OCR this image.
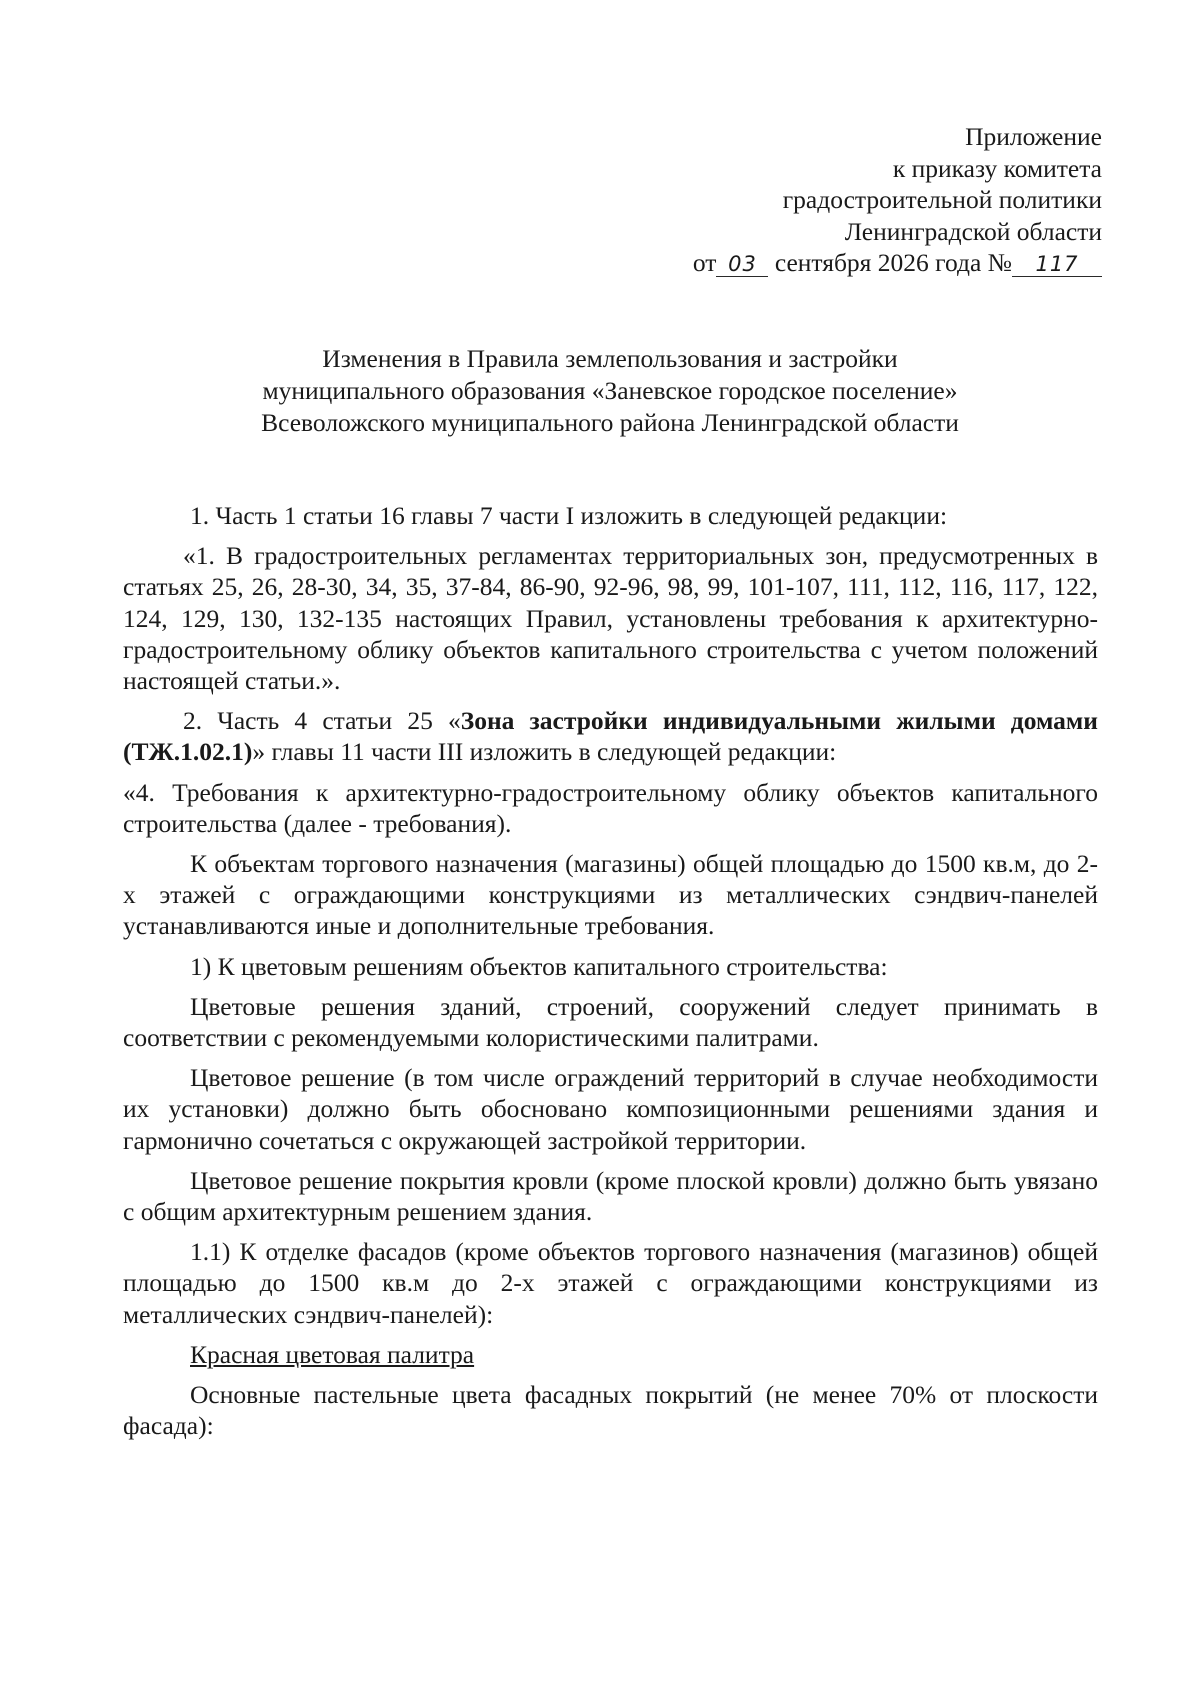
Приложение
к приказу комитета
градостроительной политики
Ленинградской области
от 03 сентября 2026 года № 117
Изменения в Правила землепользования и застройки
муниципального образования «Заневское городское поселение»
Всеволожского муниципального района Ленинградской области

1. Часть 1 статьи 16 главы 7 части I изложить в следующей редакции:

«1. В градостроительных регламентах территориальных зон, предусмотренных в статьях 25, 26, 28-30, 34, 35, 37-84, 86-90, 92-96, 98, 99, 101-107, 111, 112, 116, 117, 122, 124, 129, 130, 132-135 настоящих Правил, установлены требования к архитектурно-градостроительному облику объектов капитального строительства с учетом положений настоящей статьи.».

2. Часть 4 статьи 25 «Зона застройки индивидуальными жилыми домами (ТЖ.1.02.1)» главы 11 части III изложить в следующей редакции:

«4. Требования к архитектурно-градостроительному облику объектов капитального строительства (далее - требования).

К объектам торгового назначения (магазины) общей площадью до 1500 кв.м, до 2-х этажей с ограждающими конструкциями из металлических сэндвич-панелей устанавливаются иные и дополнительные требования.

1) К цветовым решениям объектов капитального строительства:

Цветовые решения зданий, строений, сооружений следует принимать в соответствии с рекомендуемыми колористическими палитрами.

Цветовое решение (в том числе ограждений территорий в случае необходимости их установки) должно быть обосновано композиционными решениями здания и гармонично сочетаться с окружающей застройкой территории.

Цветовое решение покрытия кровли (кроме плоской кровли) должно быть увязано с общим архитектурным решением здания.

1.1) К отделке фасадов (кроме объектов торгового назначения (магазинов) общей площадью до 1500 кв.м до 2-х этажей с ограждающими конструкциями из металлических сэндвич-панелей):

Красная цветовая палитра

Основные пастельные цвета фасадных покрытий (не менее 70% от плоскости фасада):
